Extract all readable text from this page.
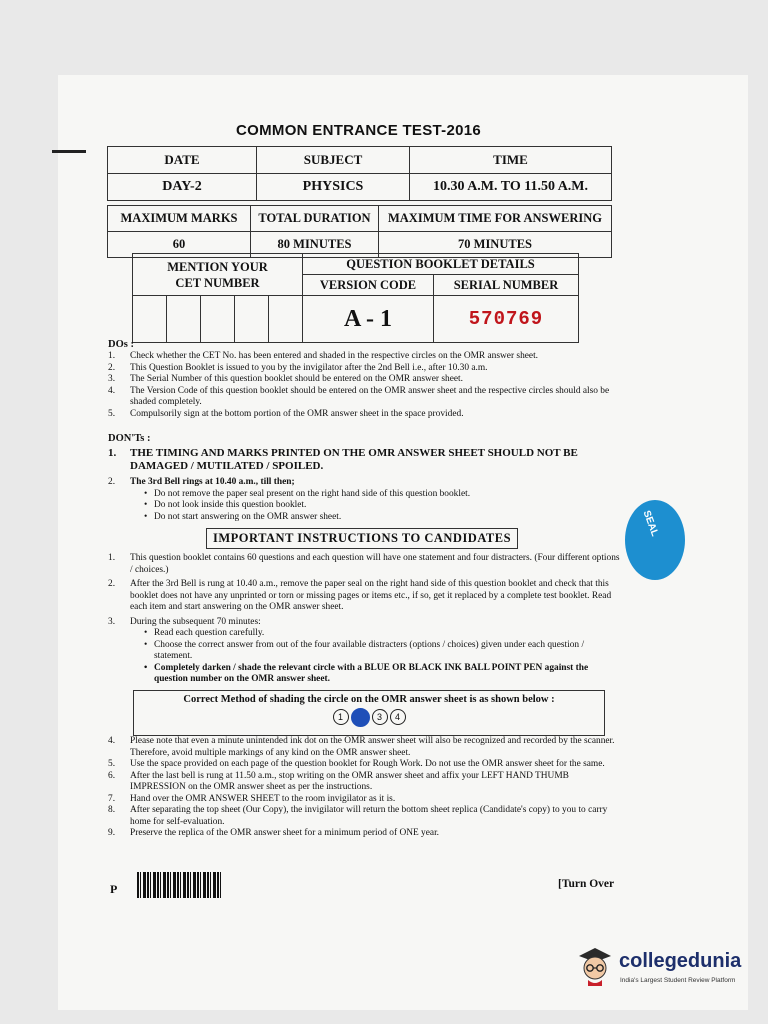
COMMON ENTRANCE TEST-2016
DATE	SUBJECT	TIME
DAY-2	PHYSICS	10.30 A.M. TO 11.50 A.M.
MAXIMUM MARKS	TOTAL DURATION	MAXIMUM TIME FOR ANSWERING
60	80 MINUTES	70 MINUTES
MENTION YOUR
CET NUMBER					QUESTION BOOKLET DETAILS	
					VERSION CODE	SERIAL NUMBER
					A - 1	570769
DOs :
1. Check whether the CET No. has been entered and shaded in the respective circles on the OMR answer sheet.
2. This Question Booklet is issued to you by the invigilator after the 2nd Bell i.e., after 10.30 a.m.
3. The Serial Number of this question booklet should be entered on the OMR answer sheet.
4. The Version Code of this question booklet should be entered on the OMR answer sheet and the respective circles should also be shaded completely.
5. Compulsorily sign at the bottom portion of the OMR answer sheet in the space provided.
DON'Ts :
1. THE TIMING AND MARKS PRINTED ON THE OMR ANSWER SHEET SHOULD NOT BE DAMAGED / MUTILATED / SPOILED.
2. The 3rd Bell rings at 10.40 a.m., till then;
• Do not remove the paper seal present on the right hand side of this question booklet.
• Do not look inside this question booklet.
• Do not start answering on the OMR answer sheet.
IMPORTANT INSTRUCTIONS TO CANDIDATES
1. This question booklet contains 60 questions and each question will have one statement and four distracters. (Four different options / choices.)
2. After the 3rd Bell is rung at 10.40 a.m., remove the paper seal on the right hand side of this question booklet and check that this booklet does not have any unprinted or torn or missing pages or items etc., if so, get it replaced by a complete test booklet. Read each item and start answering on the OMR answer sheet.
3. During the subsequent 70 minutes:
• Read each question carefully.
• Choose the correct answer from out of the four available distracters (options / choices) given under each question / statement.
• Completely darken / shade the relevant circle with a BLUE OR BLACK INK BALL POINT PEN against the question number on the OMR answer sheet.
Correct Method of shading the circle on the OMR answer sheet is as shown below :
1	3	4
4. Please note that even a minute unintended ink dot on the OMR answer sheet will also be recognized and recorded by the scanner. Therefore, avoid multiple markings of any kind on the OMR answer sheet.
5. Use the space provided on each page of the question booklet for Rough Work. Do not use the OMR answer sheet for the same.
6. After the last bell is rung at 11.50 a.m., stop writing on the OMR answer sheet and affix your LEFT HAND THUMB IMPRESSION on the OMR answer sheet as per the instructions.
7. Hand over the OMR ANSWER SHEET to the room invigilator as it is.
8. After separating the top sheet (Our Copy), the invigilator will return the bottom sheet replica (Candidate's copy) to you to carry home for self-evaluation.
9. Preserve the replica of the OMR answer sheet for a minimum period of ONE year.
P	[Turn Over
SEAL
collegedunia
India's Largest Student Review Platform
